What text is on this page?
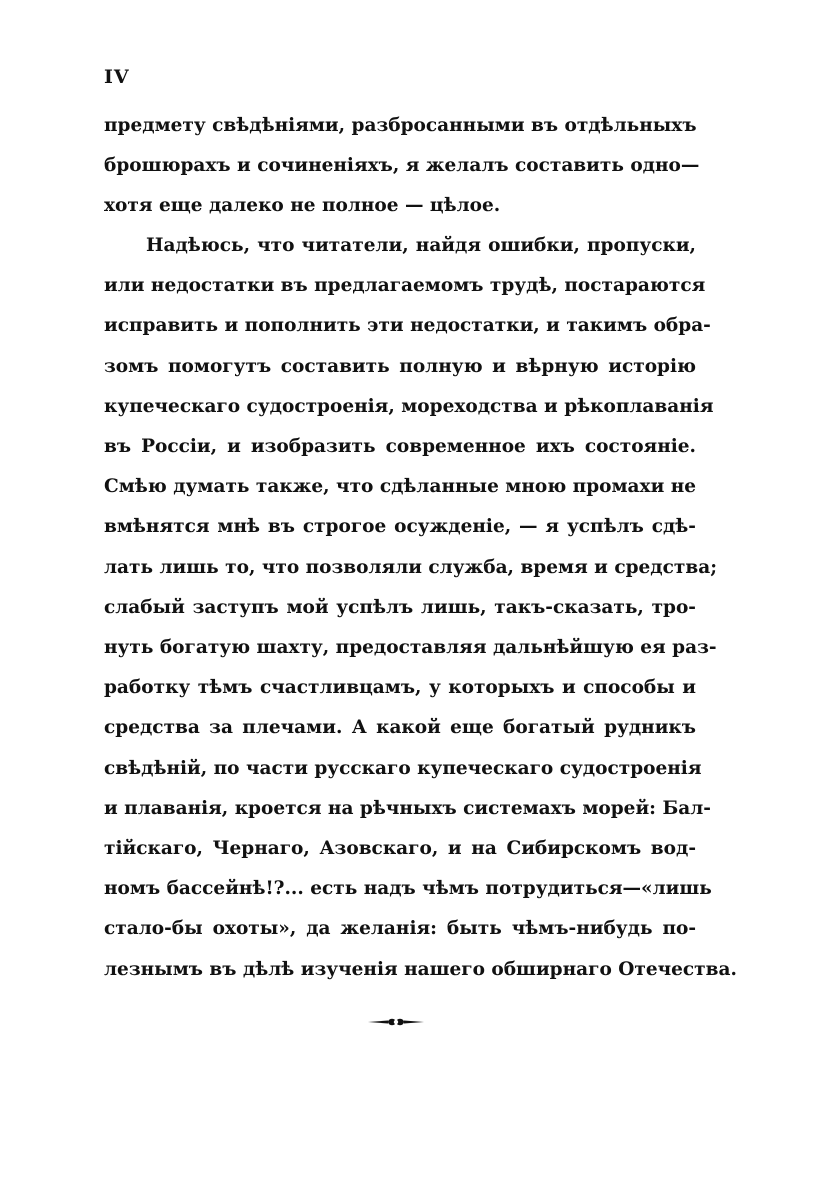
IV
предмету свѣдѣніями, разбросанными въ отдѣльныхъ
брошюрахъ и сочиненіяхъ, я желалъ составить одно—
хотя еще далеко не полное — цѣлое.
Надѣюсь, что читатели, найдя ошибки, пропуски,
или недостатки въ предлагаемомъ трудѣ, постараются
исправить и пополнить эти недостатки, и такимъ обра-
зомъ помогутъ составить полную и вѣрную исторію
купеческаго судостроенія, мореходства и рѣкоплаванія
въ Россіи, и изобразить современное ихъ состояніе.
Смѣю думать также, что сдѣланные мною промахи не
вмѣнятся мнѣ въ строгое осужденіе, — я успѣлъ сдѣ-
лать лишь то, что позволяли служба, время и средства;
слабый заступъ мой успѣлъ лишь, такъ-сказать, тро-
нуть богатую шахту, предоставляя дальнѣйшую ея раз-
работку тѣмъ счастливцамъ, у которыхъ и способы и
средства за плечами. А какой еще богатый рудникъ
свѣдѣній, по части русскаго купеческаго судостроенія
и плаванія, кроется на рѣчныхъ системахъ морей: Бал-
тійскаго, Чернаго, Азовскаго, и на Сибирскомъ вод-
номъ бассейнѣ!?... есть надъ чѣмъ потрудиться—«лишь
стало-бы охоты», да желанія: быть чѣмъ-нибудь по-
лезнымъ въ дѣлѣ изученія нашего обширнаго Отечества.
